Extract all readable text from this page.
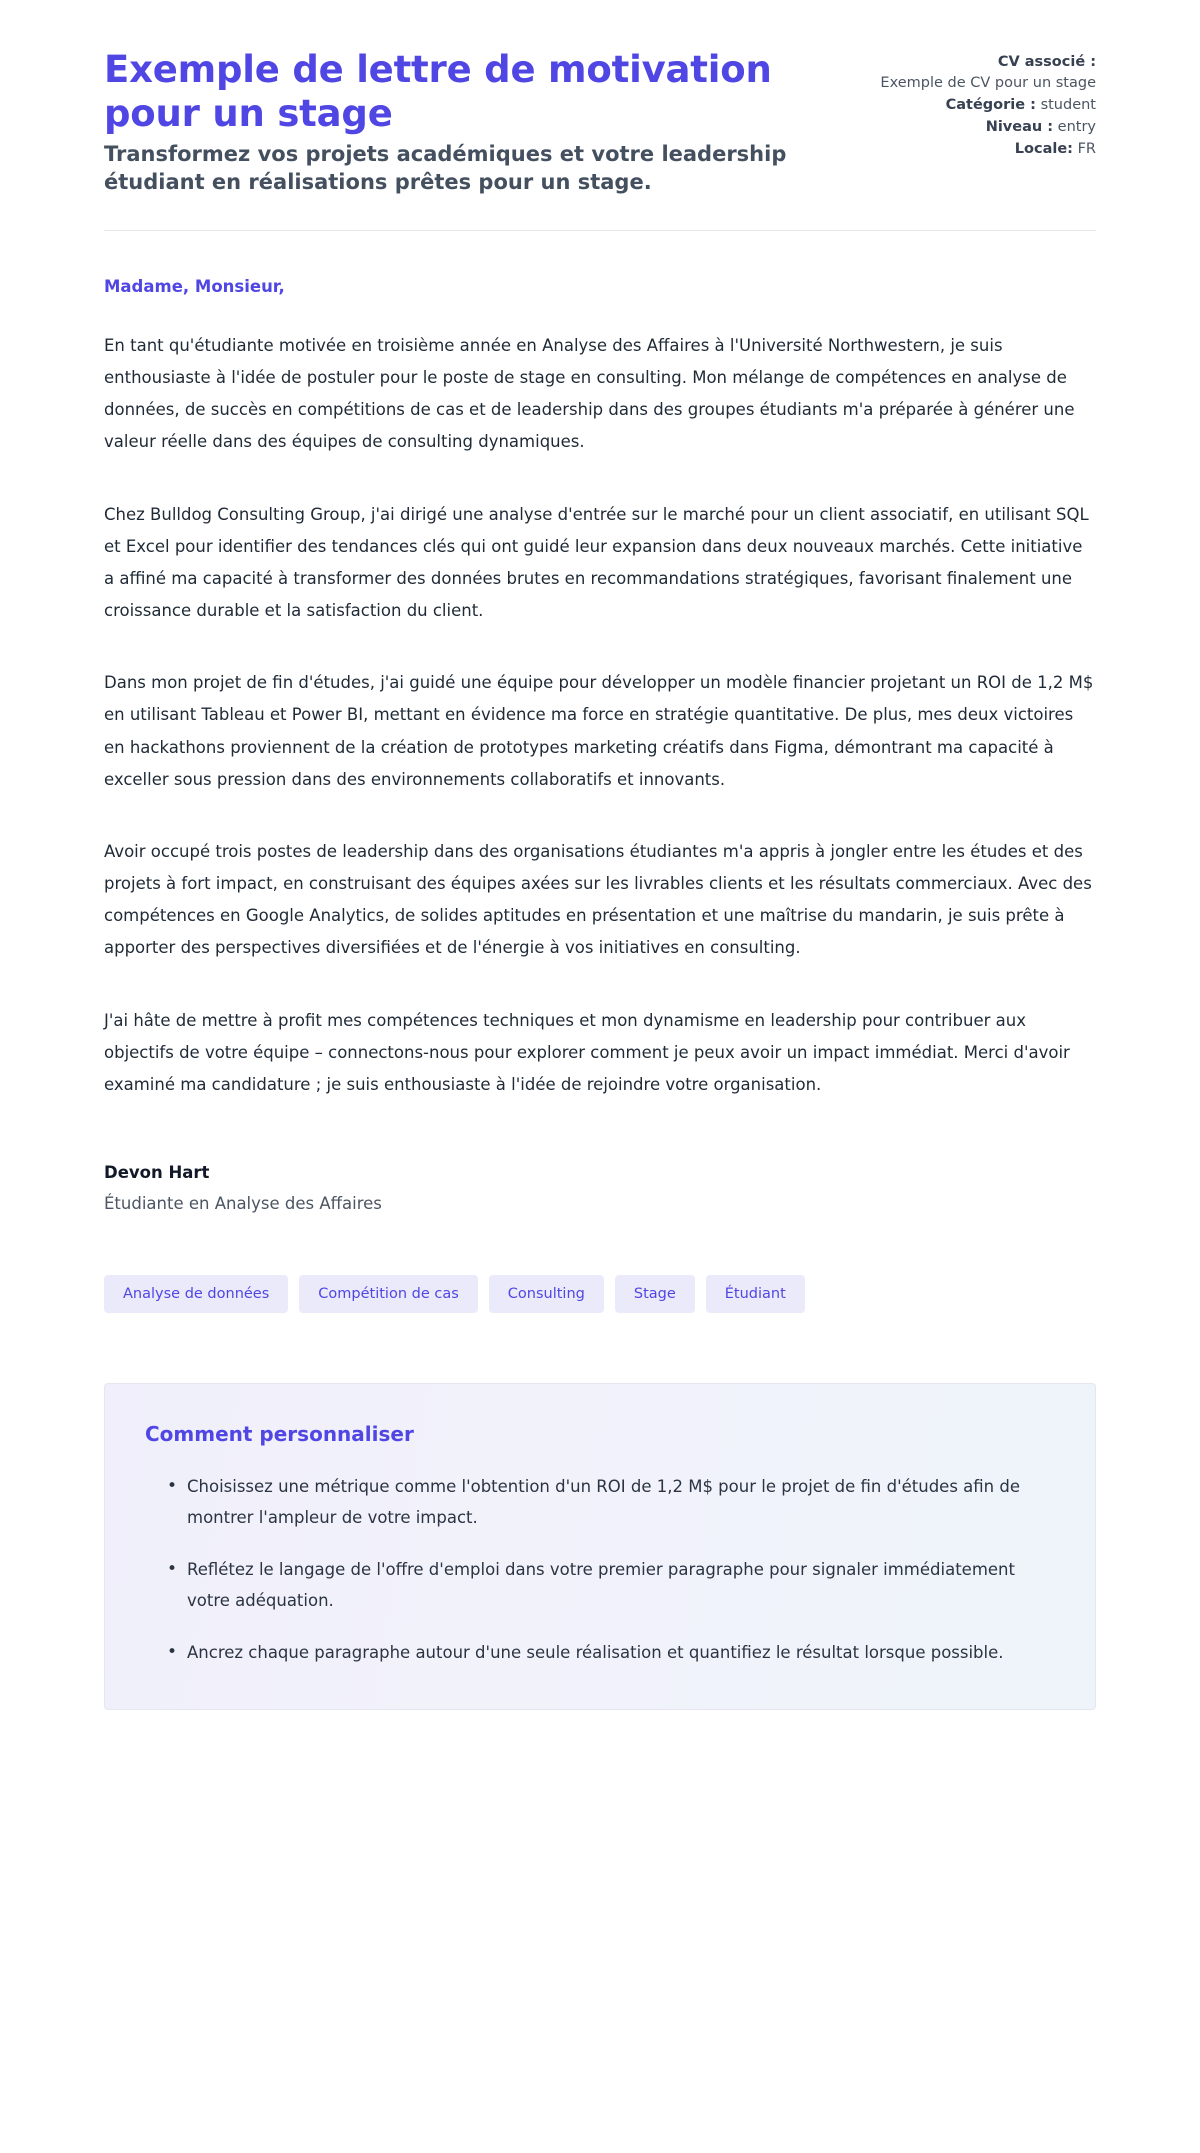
Exemple de lettre de motivation pour un stage

Transformez vos projets académiques et votre leadership étudiant en réalisations prêtes pour un stage.

CV associé :
Exemple de CV pour un stage
Catégorie : student
Niveau : entry
Locale: FR

Madame, Monsieur,

En tant qu'étudiante motivée en troisième année en Analyse des Affaires à l'Université Northwestern, je suis enthousiaste à l'idée de postuler pour le poste de stage en consulting. Mon mélange de compétences en analyse de données, de succès en compétitions de cas et de leadership dans des groupes étudiants m'a préparée à générer une valeur réelle dans des équipes de consulting dynamiques.

Chez Bulldog Consulting Group, j'ai dirigé une analyse d'entrée sur le marché pour un client associatif, en utilisant SQL et Excel pour identifier des tendances clés qui ont guidé leur expansion dans deux nouveaux marchés. Cette initiative a affiné ma capacité à transformer des données brutes en recommandations stratégiques, favorisant finalement une croissance durable et la satisfaction du client.

Dans mon projet de fin d'études, j'ai guidé une équipe pour développer un modèle financier projetant un ROI de 1,2 M$ en utilisant Tableau et Power BI, mettant en évidence ma force en stratégie quantitative. De plus, mes deux victoires en hackathons proviennent de la création de prototypes marketing créatifs dans Figma, démontrant ma capacité à exceller sous pression dans des environnements collaboratifs et innovants.

Avoir occupé trois postes de leadership dans des organisations étudiantes m'a appris à jongler entre les études et des projets à fort impact, en construisant des équipes axées sur les livrables clients et les résultats commerciaux. Avec des compétences en Google Analytics, de solides aptitudes en présentation et une maîtrise du mandarin, je suis prête à apporter des perspectives diversifiées et de l'énergie à vos initiatives en consulting.

J'ai hâte de mettre à profit mes compétences techniques et mon dynamisme en leadership pour contribuer aux objectifs de votre équipe – connectons-nous pour explorer comment je peux avoir un impact immédiat. Merci d'avoir examiné ma candidature ; je suis enthousiaste à l'idée de rejoindre votre organisation.

Devon Hart

Étudiante en Analyse des Affaires

Analyse de données	Compétition de cas	Consulting	Stage	Étudiant
Comment personnaliser
• Choisissez une métrique comme l'obtention d'un ROI de 1,2 M$ pour le projet de fin d'études afin de montrer l'ampleur de votre impact.
• Reflétez le langage de l'offre d'emploi dans votre premier paragraphe pour signaler immédiatement votre adéquation.
• Ancrez chaque paragraphe autour d'une seule réalisation et quantifiez le résultat lorsque possible.
